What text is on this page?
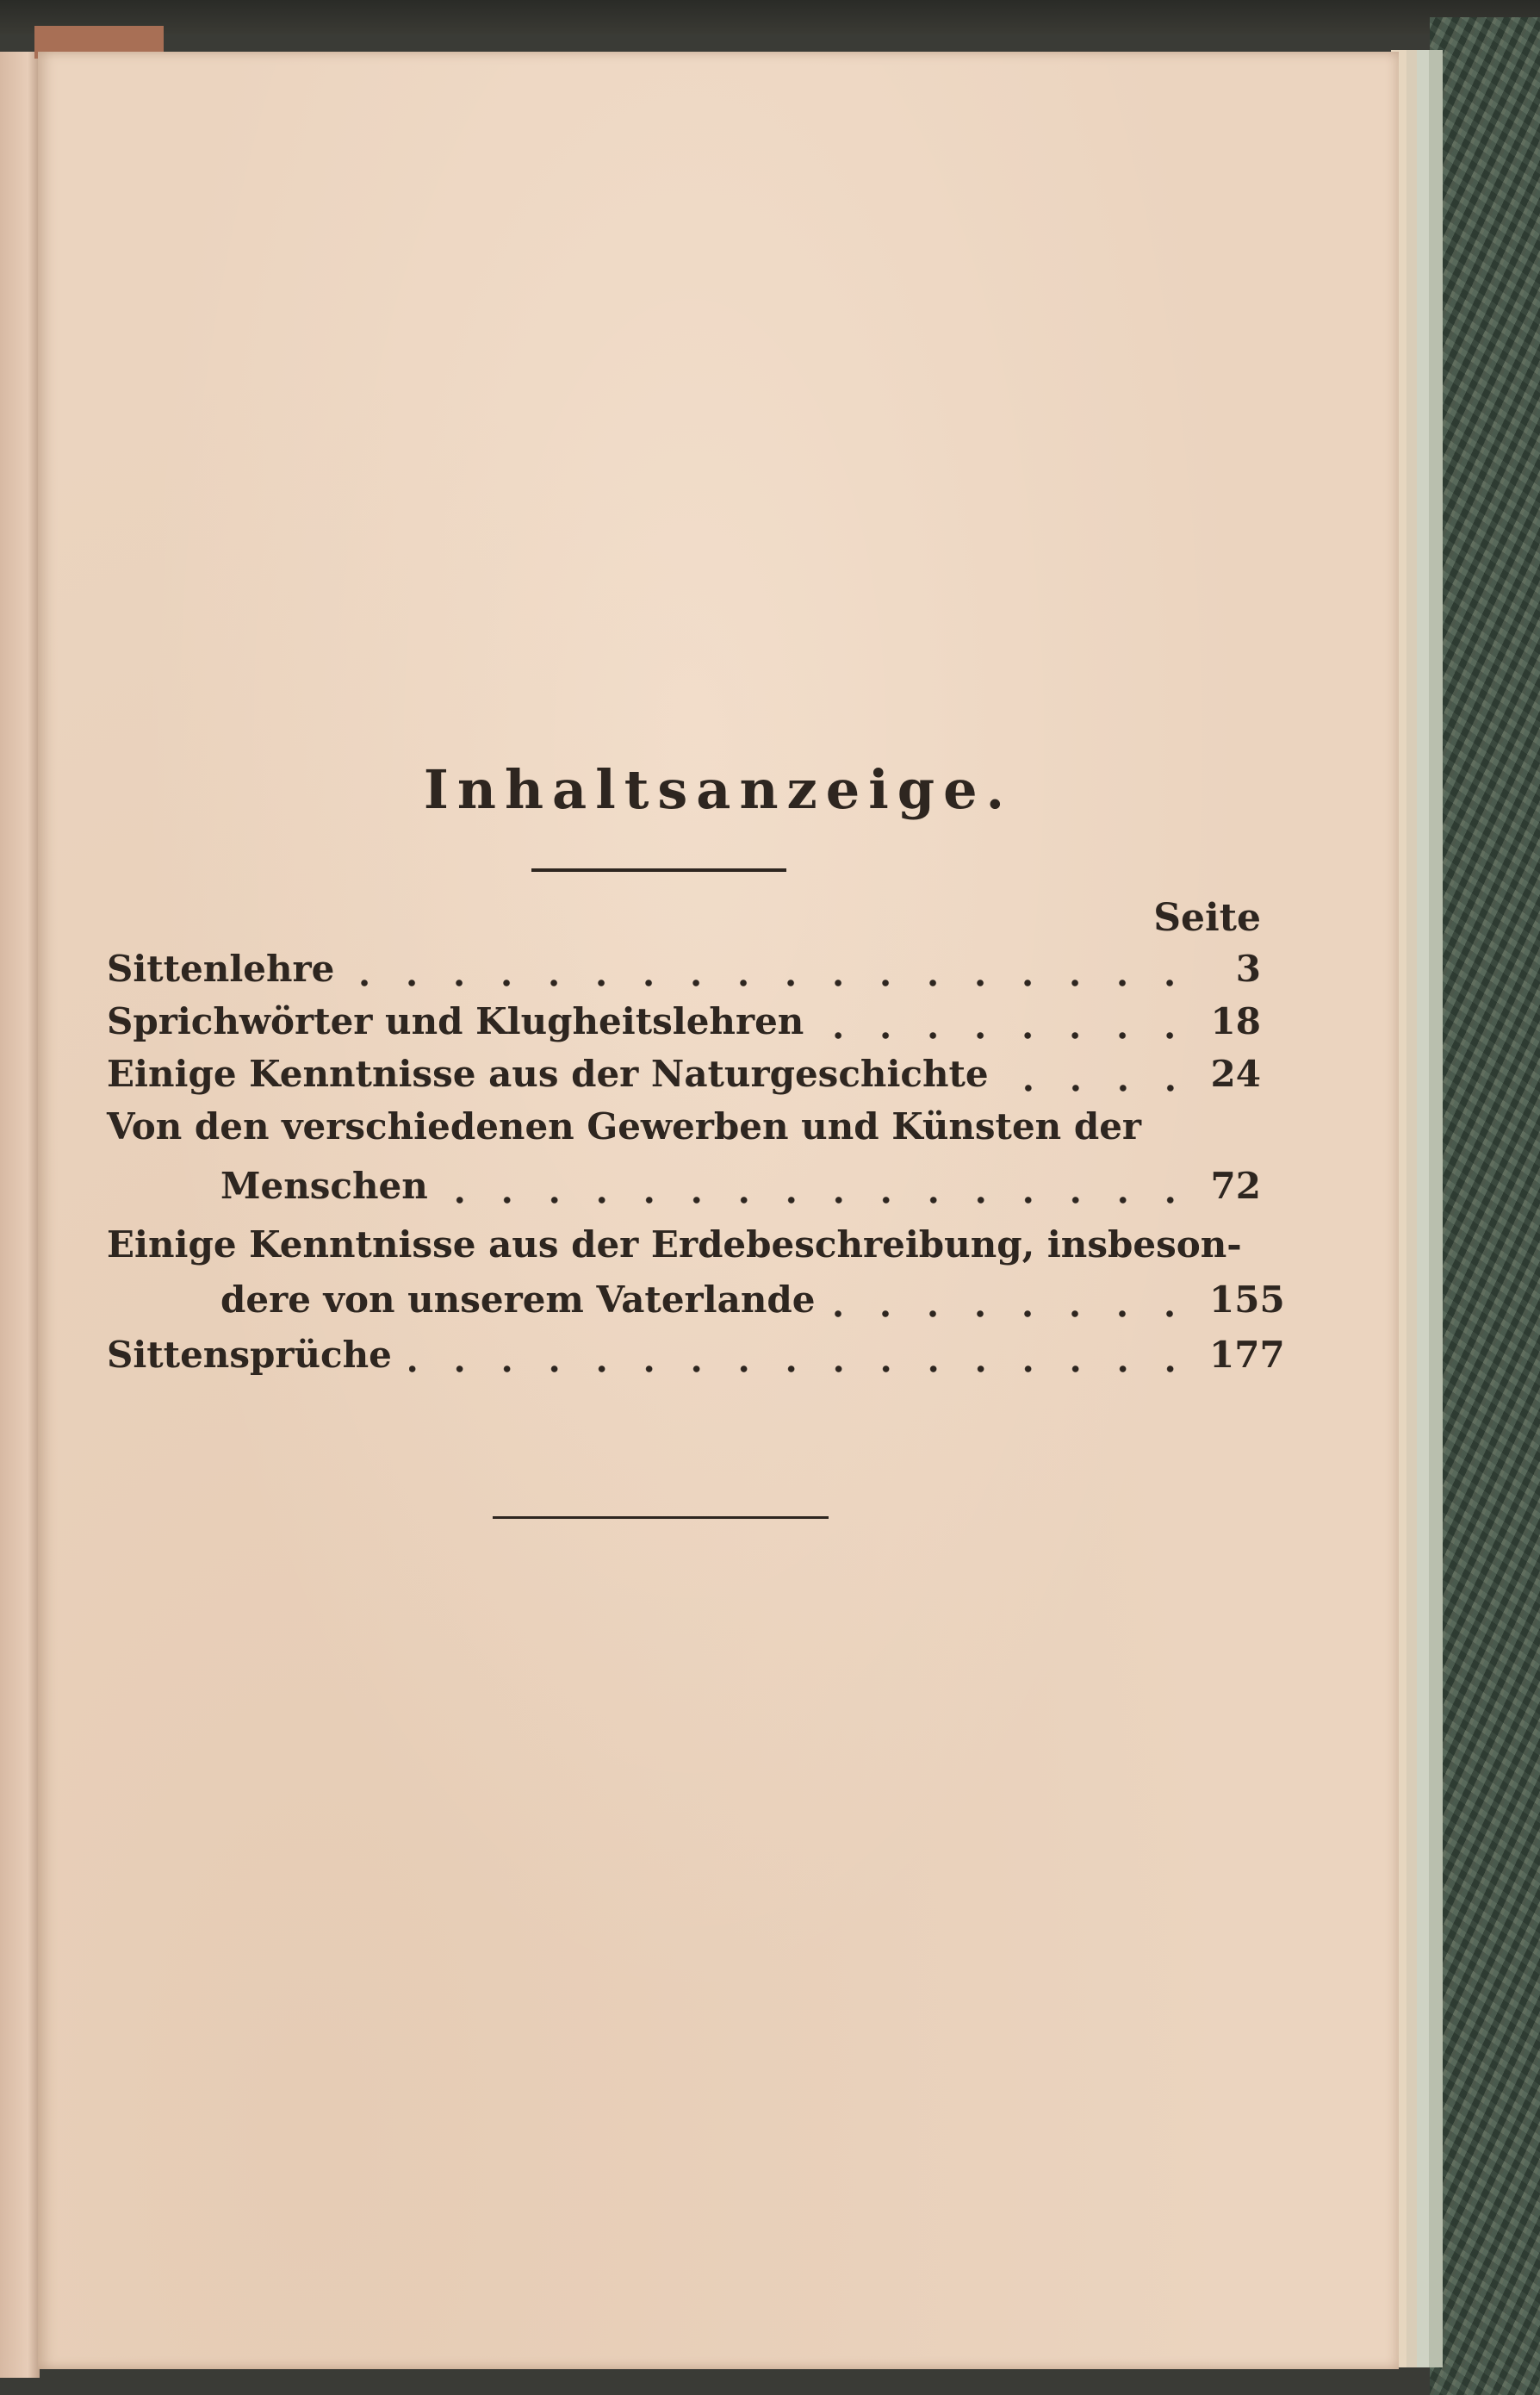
Inhaltsanzeige.
Seite
Sittenlehre	3
Sprichwörter und Klugheitslehren	18
Einige Kenntnisse aus der Naturgeschichte	24
Von den verschiedenen Gewerben und Künsten der
Menschen	72
Einige Kenntnisse aus der Erdebeschreibung, insbeson-
dere von unserem Vaterlande	155
Sittensprüche	177
